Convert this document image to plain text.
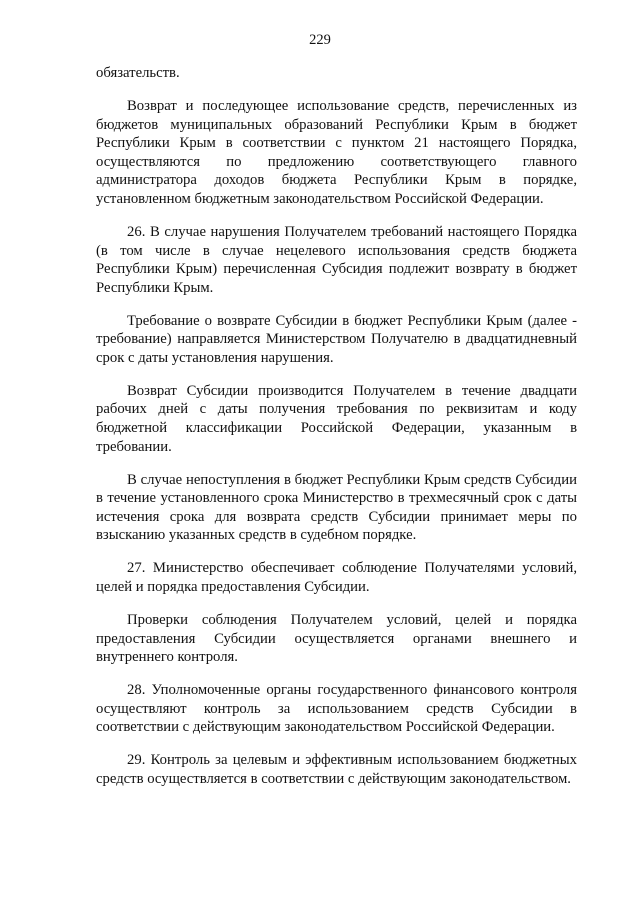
229

обязательств.

Возврат и последующее использование средств, перечисленных из бюджетов муниципальных образований Республики Крым в бюджет Республики Крым в соответствии с пунктом 21 настоящего Порядка, осуществляются по предложению соответствующего главного администратора доходов бюджета Республики Крым в порядке, установленном бюджетным законодательством Российской Федерации.

26. В случае нарушения Получателем требований настоящего Порядка (в том числе в случае нецелевого использования средств бюджета Республики Крым) перечисленная Субсидия подлежит возврату в бюджет Республики Крым.

Требование о возврате Субсидии в бюджет Республики Крым (далее - требование) направляется Министерством Получателю в двадцатидневный срок с даты установления нарушения.

Возврат Субсидии производится Получателем в течение двадцати рабочих дней с даты получения требования по реквизитам и коду бюджетной классификации Российской Федерации, указанным в требовании.

В случае непоступления в бюджет Республики Крым средств Субсидии в течение установленного срока Министерство в трехмесячный срок с даты истечения срока для возврата средств Субсидии принимает меры по взысканию указанных средств в судебном порядке.

27. Министерство обеспечивает соблюдение Получателями условий, целей и порядка предоставления Субсидии.

Проверки соблюдения Получателем условий, целей и порядка предоставления Субсидии осуществляется органами внешнего и внутреннего контроля.

28. Уполномоченные органы государственного финансового контроля осуществляют контроль за использованием средств Субсидии в соответствии с действующим законодательством Российской Федерации.

29. Контроль за целевым и эффективным использованием бюджетных средств осуществляется в соответствии с действующим законодательством.
